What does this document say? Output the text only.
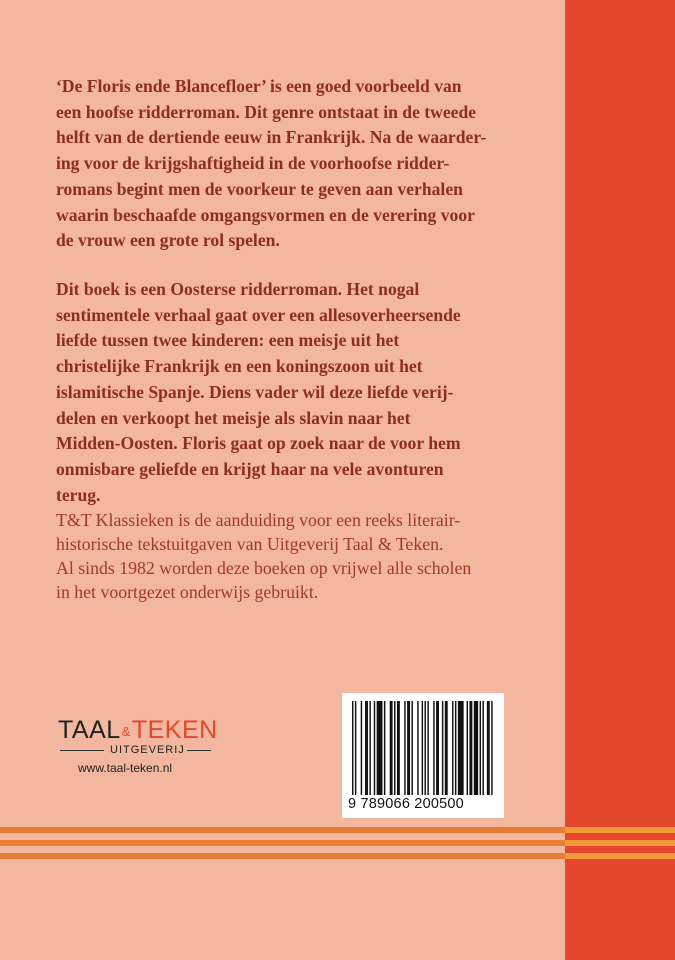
‘De Floris ende Blancefloer’ is een goed voorbeeld van
een hoofse ridderroman. Dit genre ontstaat in de tweede
helft van de dertiende eeuw in Frankrijk. Na de waarder-
ing voor de krijgshaftigheid in de voorhoofse ridder-
romans begint men de voorkeur te geven aan verhalen
waarin beschaafde omgangsvormen en de verering voor
de vrouw een grote rol spelen.
Dit boek is een Oosterse ridderroman. Het nogal
sentimentele verhaal gaat over een allesoverheersende
liefde tussen twee kinderen: een meisje uit het
christelijke Frankrijk en een koningszoon uit het
islamitische Spanje. Diens vader wil deze liefde verij-
delen en verkoopt het meisje als slavin naar het
Midden-Oosten. Floris gaat op zoek naar de voor hem
onmisbare geliefde en krijgt haar na vele avonturen
terug.
T&T Klassieken is de aanduiding voor een reeks literair-
historische tekstuitgaven van Uitgeverij Taal & Teken.
Al sinds 1982 worden deze boeken op vrijwel alle scholen
in het voortgezet onderwijs gebruikt.
TAAL&TEKEN
UITGEVERIJ
www.taal-teken.nl
9 789066 200500
